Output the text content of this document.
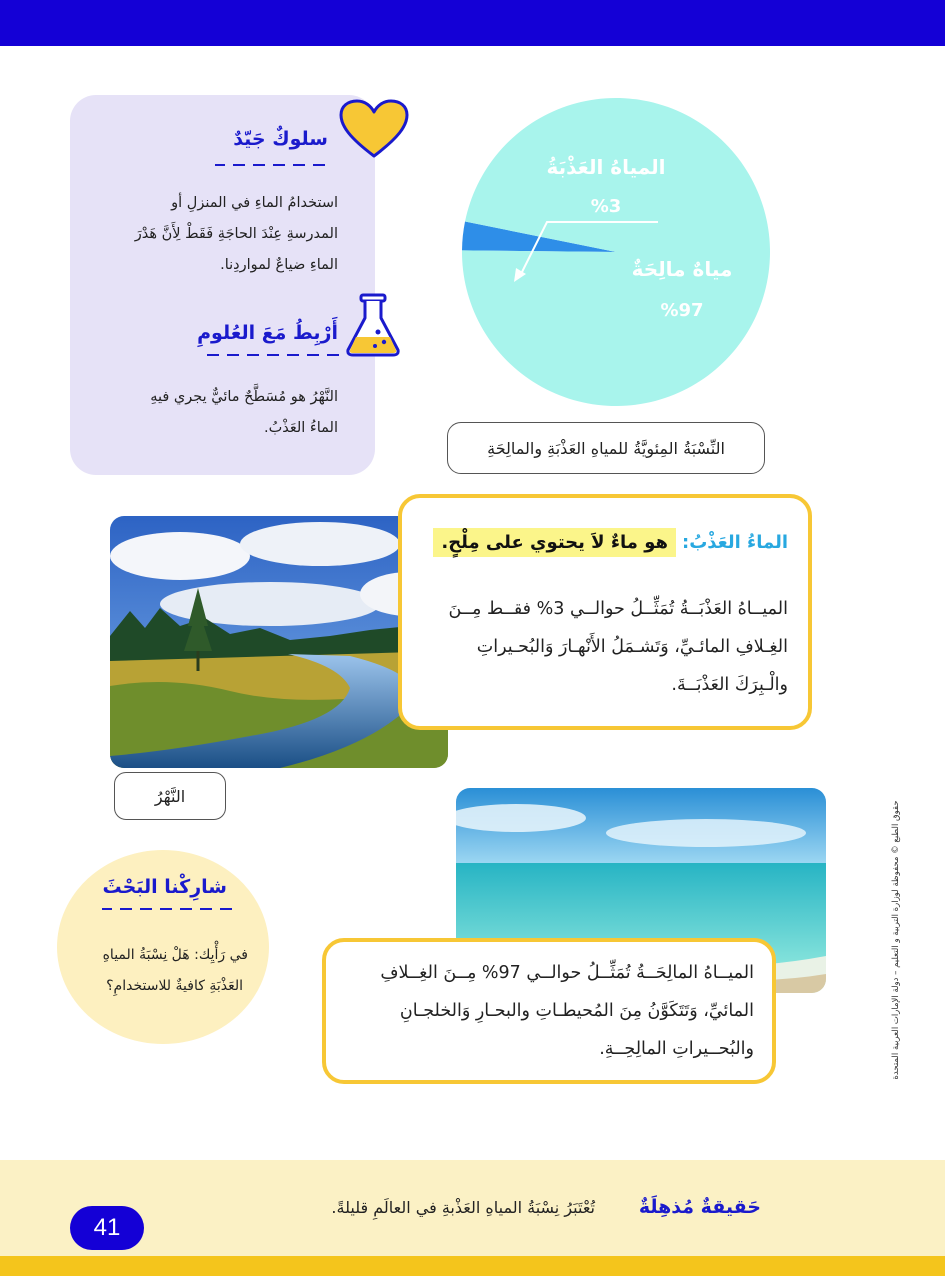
سلوكٌ جَيّدٌ
استخدامُ الماءِ في المنزلِ أو
المدرسةِ عِنْدَ الحاجَةِ فَقَطْ لِأَنَّ هَدْرَ
الماءِ ضياعٌ لمواردِنا.
أَرْبِطُ مَعَ العُلومِ
النَّهْرُ هو مُسَطَّحٌ مائيٌّ يجري فيهِ
الماءُ العَذْبُ.
المياهُ العَذْبَةُ
%3
مياهٌ مالِحَةٌ
%97
النِّسْبَةُ المِئويَّةُ للمياهِ العَذْبَةِ والمالِحَةِ
النَّهْرُ
الماءُ العَذْبُ:
هو ماءٌ لاَ يحتوي على مِلْحٍ.
الميــاهُ العَذْبَــةُ تُمَثِّــلُ حوالــي 3% فقــط مِــنَ
الغِـلافِ المائـيِّ، وَتَشـمَلُ الأَنْهـارَ وَالبُحـيراتِ
والْـبِرَكَ العَذْبَــةَ.
الميــاهُ المالِحَــةُ تُمَثِّــلُ حوالــي 97% مِــنَ الغِــلافِ
المائيِّ، وَتَتَكَوَّنُ مِنَ المُحيطـاتِ والبحـارِ وَالخلجـانِ
والبُحــيراتِ المالِحِــةِ.
شارِكْنا البَحْثَ
في رَأْيِك: هَلْ نِسْبَةُ المياهِ
العَذْبَةِ كافيةٌ للاستخدامِ؟	حقوق الطبع © محفوظة لوزارة التربية و التعليم – دولة الإمارات العربية المتحدة
حَقيقةٌ مُذهِلَةٌ
تُعْتَبَرُ نِسْبَةُ المياهِ العَذْبةِ في العالَمِ قليلةً.
41
